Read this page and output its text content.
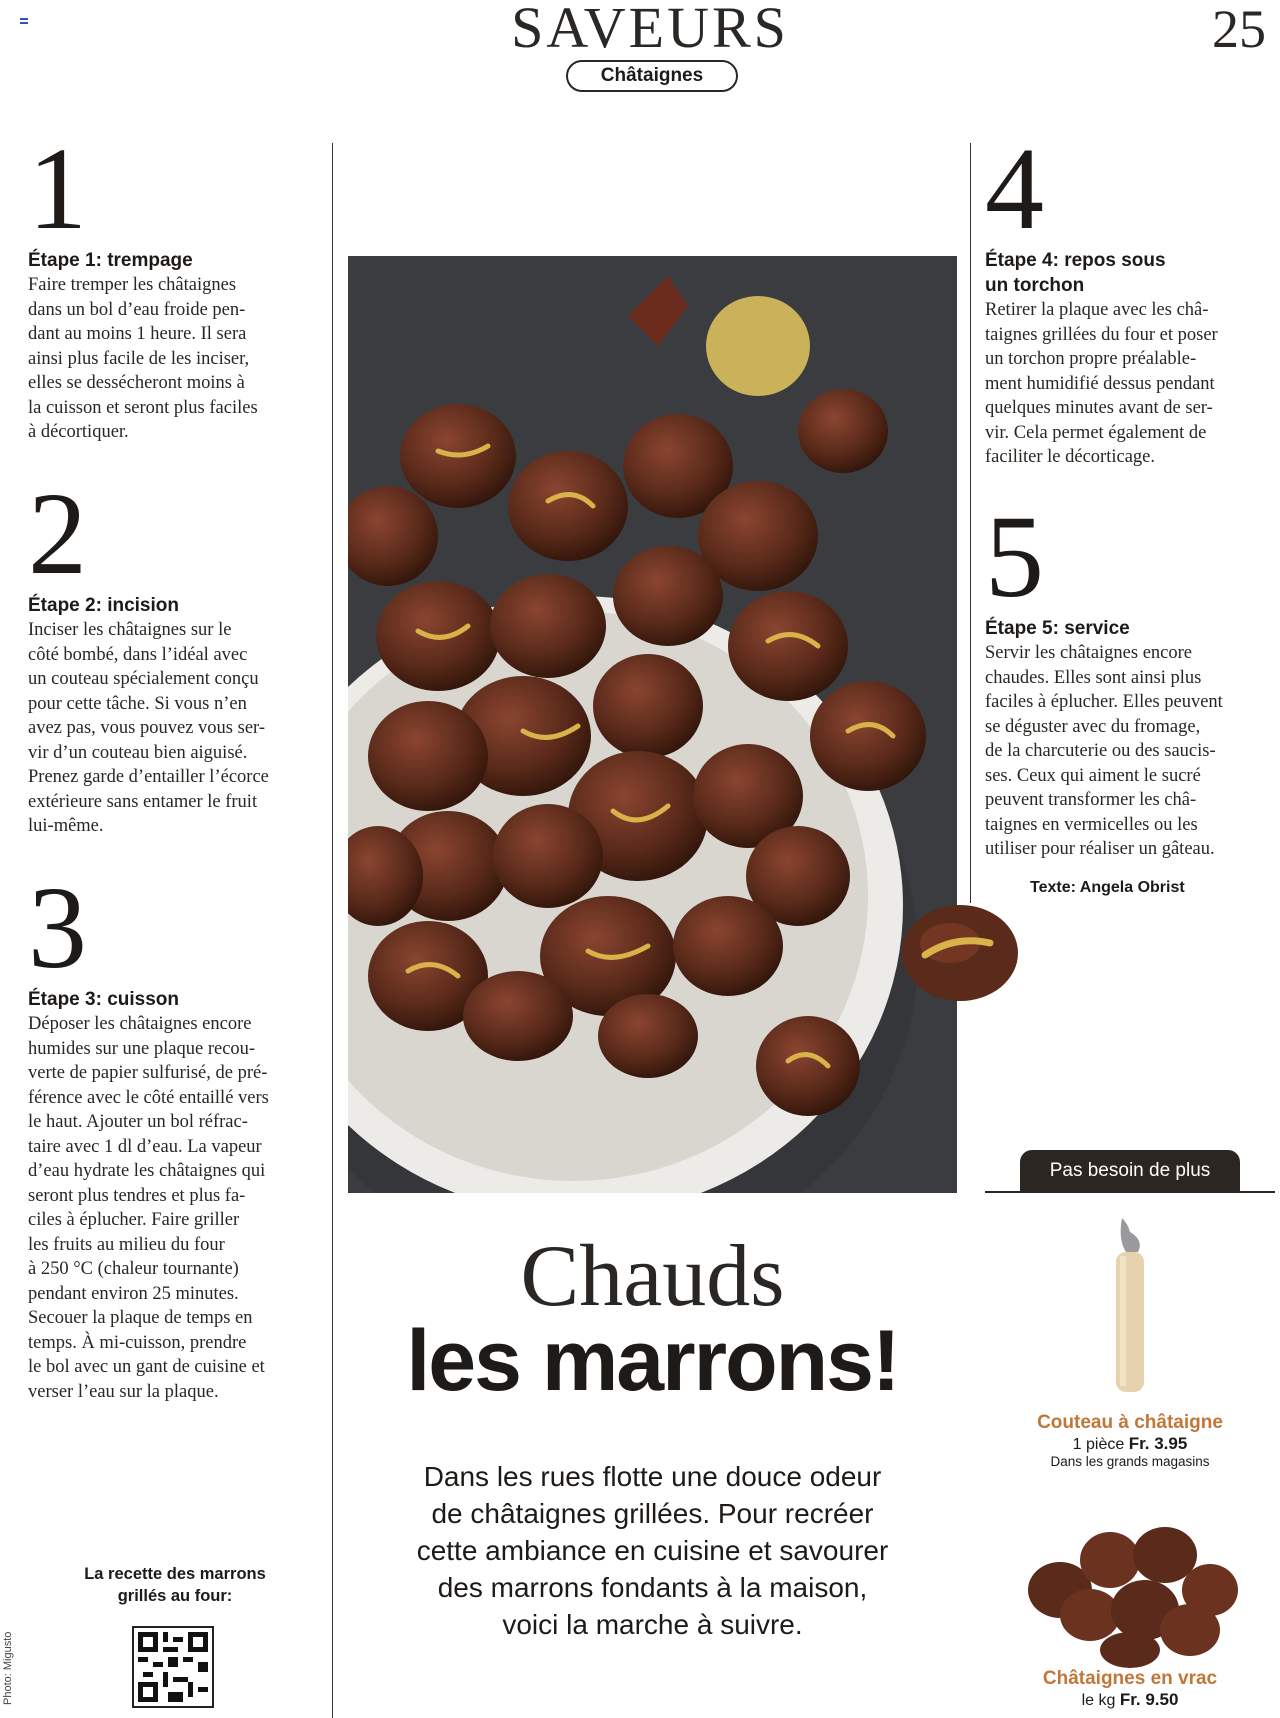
SAVEURS	25
Châtaignes
1
Étape 1: trempage
Faire tremper les châtaignes
dans un bol d’eau froide pen-
dant au moins 1 heure. Il sera
ainsi plus facile de les inciser,
elles se dessécheront moins à
la cuisson et seront plus faciles
à décortiquer.
2
Étape 2: incision
Inciser les châtaignes sur le
côté bombé, dans l’idéal avec
un couteau spécialement conçu
pour cette tâche. Si vous n’en
avez pas, vous pouvez vous ser-
vir d’un couteau bien aiguisé.
Prenez garde d’entailler l’écorce
extérieure sans entamer le fruit
lui-même.
3
Étape 3: cuisson
Déposer les châtaignes encore
humides sur une plaque recou-
verte de papier sulfurisé, de pré-
férence avec le côté entaillé vers
le haut. Ajouter un bol réfrac-
taire avec 1 dl d’eau. La vapeur
d’eau hydrate les châtaignes qui
seront plus tendres et plus fa-
ciles à éplucher. Faire griller
les fruits au milieu du four
à 250 °C (chaleur tournante)
pendant environ 25 minutes.
Secouer la plaque de temps en
temps. À mi-cuisson, prendre
le bol avec un gant de cuisine et
verser l’eau sur la plaque.
4
Étape 4: repos sous
un torchon
Retirer la plaque avec les châ-
taignes grillées du four et poser
un torchon propre préalable-
ment humidifié dessus pendant
quelques minutes avant de ser-
vir. Cela permet également de
faciliter le décorticage.
5
Étape 5: service
Servir les châtaignes encore
chaudes. Elles sont ainsi plus
faciles à éplucher. Elles peuvent
se déguster avec du fromage,
de la charcuterie ou des saucis-
ses. Ceux qui aiment le sucré
peuvent transformer les châ-
taignes en vermicelles ou les
utiliser pour réaliser un gâteau.
Texte: Angela Obrist
Chauds
les marrons!
Dans les rues flotte une douce odeur
de châtaignes grillées. Pour recréer
cette ambiance en cuisine et savourer
des marrons fondants à la maison,
voici la marche à suivre.
Pas besoin de plus
Couteau à châtaigne
1 pièce Fr. 3.95
Dans les grands magasins
Châtaignes en vrac
le kg Fr. 9.50
La recette des marrons
grillés au four:
Photo: Migusto
